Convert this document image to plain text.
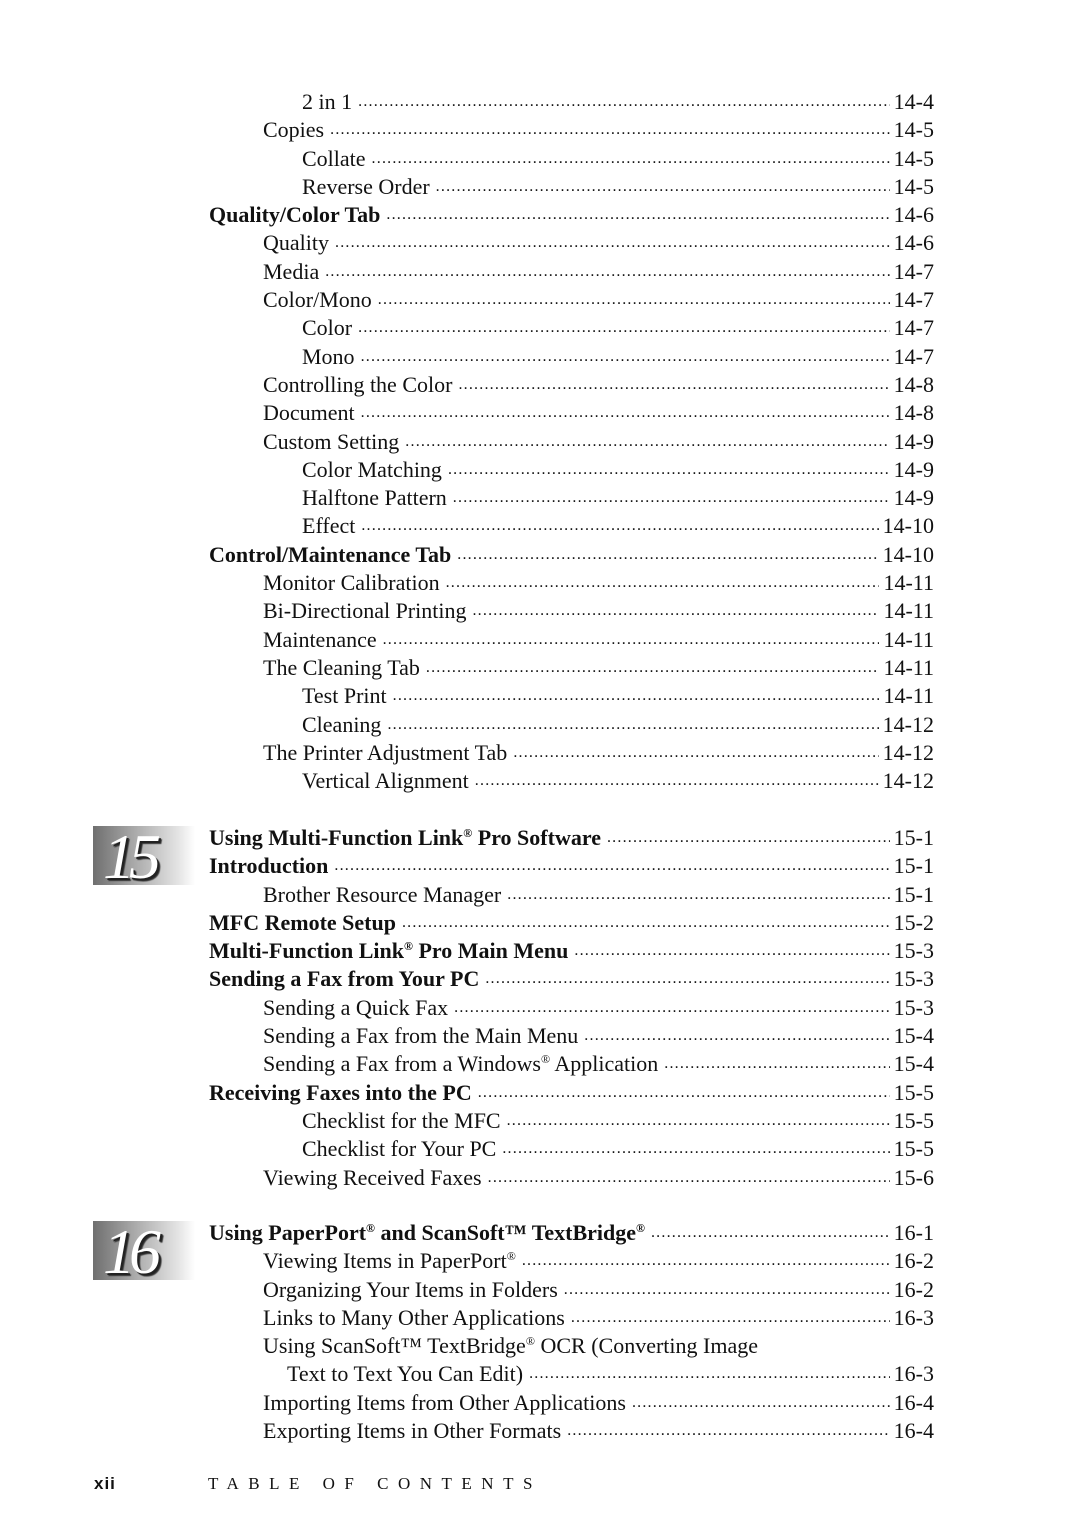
2 in 1 .....	14-4
Copies .....	14-5
Collate .....	14-5
Reverse Order .....	14-5
Quality/Color Tab .....	14-6
Quality .....	14-6
Media .....	14-7
Color/Mono .....	14-7
Color .....	14-7
Mono .....	14-7
Controlling the Color .....	14-8
Document .....	14-8
Custom Setting .....	14-9
Color Matching .....	14-9
Halftone Pattern .....	14-9
Effect .....	14-10
Control/Maintenance Tab .....	14-10
Monitor Calibration .....	14-11
Bi-Directional Printing .....	14-11
Maintenance .....	14-11
The Cleaning Tab .....	14-11
Test Print .....	14-11
Cleaning .....	14-12
The Printer Adjustment Tab .....	14-12
Vertical Alignment .....	14-12
15 Using Multi-Function Link® Pro Software .....	15-1
Introduction .....	15-1
Brother Resource Manager .....	15-1
MFC Remote Setup .....	15-2
Multi-Function Link® Pro Main Menu .....	15-3
Sending a Fax from Your PC .....	15-3
Sending a Quick Fax .....	15-3
Sending a Fax from the Main Menu .....	15-4
Sending a Fax from a Windows® Application .....	15-4
Receiving Faxes into the PC .....	15-5
Checklist for the MFC .....	15-5
Checklist for Your PC .....	15-5
Viewing Received Faxes .....	15-6
16 Using PaperPort® and ScanSoft™ TextBridge® .....	16-1
Viewing Items in PaperPort® .....	16-2
Organizing Your Items in Folders .....	16-2
Links to Many Other Applications .....	16-3
Using ScanSoft™ TextBridge® OCR (Converting Image
Text to Text You Can Edit) .....	16-3
Importing Items from Other Applications .....	16-4
Exporting Items in Other Formats .....	16-4
xii	TABLE OF CONTENTS
